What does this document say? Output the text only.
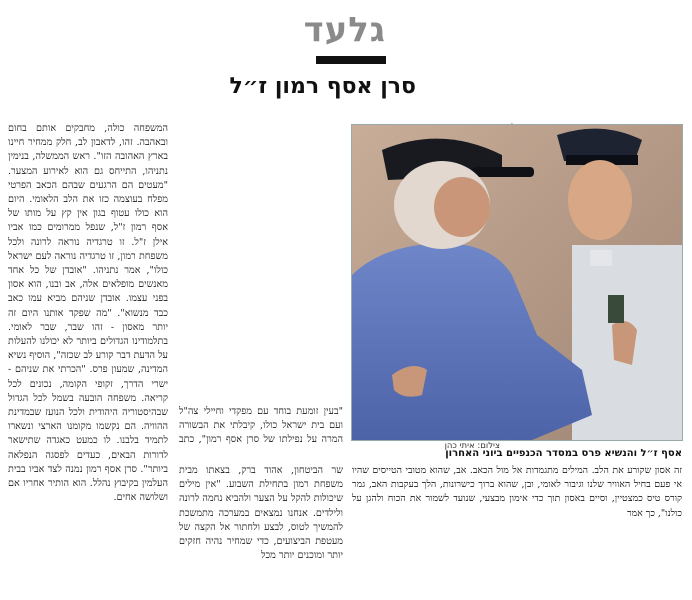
גלעד
סרן אסף רמון ז״ל

צילום: איתי כהן
אסף ז״ל והנשיא פרס במסדר הכנפיים ביוני האחרון

זה אסון שקורע את הלב. המילים מתגמדות אל מול הכאב. אב, שהוא מטובי הטייסים שהיו אי פעם בחיל האוויר שלנו וגיבור לאומי, ובן, שהוא ברוך כישרונות, הלך בעקבות האב, גמר קורס טיס כמצטיין, וסיים באסון תוך כדי אימון מבצעי, שנועד לשמור את הכוח ולהגן על כולנו", כך אמר

"בעין זומעת בוחד עם מפקדי וחיילי צה"ל ועם בית ישראל כולו, קיבלתי את הבשורה המרה על נפילתו של סרן אסף רמון", כתב

שר הביטחון, אהוד ברק, בצאתו מבית משפחת רמון בתחילת השבוע. "אין מילים שיכולות להקל על הצער ולהביא נחמה לרונה ולילדים. אנחנו נמצאים במערכה מתמשכת להמשיך לטוס, לבצע ולחתור אל הקצה של מעטפת הביצועים, כדי שמחיר נהיה חזקים יותר ומוכנים יותר מכל

המשפחה כולה, מחבקים אותם בחום ובאהבה. זהו, לדאבון לב, חלק ממחיר חיינו בארץ האהובה הזו". ראש הממשלה, בנימין נתניהו, התייחס גם הוא לאירוע המצער. "מעטים הם הרגעים שבהם הכאב הפרטי מפלח בעוצמה כזו את הלב הלאומי. היום הוא כולו עטוף בגון אין קץ על מותו של אסף רמון ז"ל, שנפל ממרומים כמו אביו אילן ז"ל. זו טרגדיה נוראה לרונה ולכל משפחת רמון, זו טרגדיה נוראה לעם ישראל כולו", אמר נתניהו. "אובדן של כל אחד מאנשים מופלאים אלה, אב ובנו, הוא אסון בפני עצמו. אובדן שניהם מביא עמו כאב כבד מנשוא". "מה שפקד אותנו היום זה יותר מאסון - זהו שבר, שבר לאומי. בתלמודינו הגדולים ביותר לא יכולנו להעלות על הדעת דבר קורע לב שכזה", הוסיף נשיא המדינה, שמעון פרס. "הכרתי את שניהם - ישרי הדרך, זקופי הקומה, נכונים לכל קריאה. משפחה הובעה בשמל לכל הגדול שבהיסטוריה היהודית ולכל הנועז שבמדינת ההוויה. הם נקשמו מקומנו הארצי ונשארו לתמיד בלבנו. לו כמעט כאגדה שתישאר לדורות הבאים, כעדים לפסגה הנפלאה ביותר". סרן אסף רמון נמנה לצד אביו בבית העלמין בקיבוץ נהלל. הוא הותיר אחריו אם ושלושה אחים.
